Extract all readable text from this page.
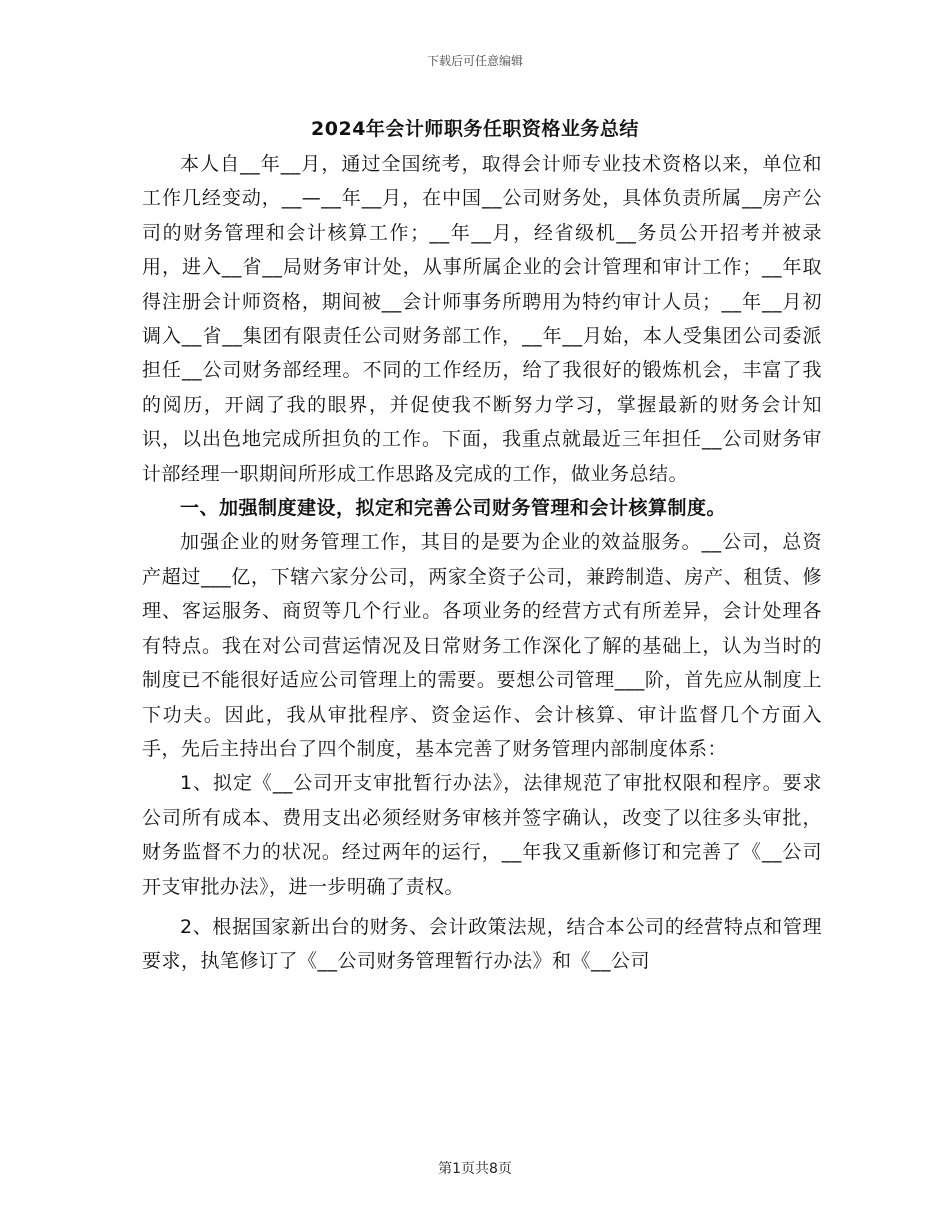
下载后可任意编辑
2024年会计师职务任职资格业务总结

本人自__年__月，通过全国统考，取得会计师专业技术资格以来，单位和工作几经变动，__—__年__月，在中国__公司财务处，具体负责所属__房产公司的财务管理和会计核算工作；__年__月，经省级机__务员公开招考并被录用，进入__省__局财务审计处，从事所属企业的会计管理和审计工作；__年取得注册会计师资格，期间被__会计师事务所聘用为特约审计人员；__年__月初调入__省__集团有限责任公司财务部工作，__年__月始，本人受集团公司委派担任__公司财务部经理。不同的工作经历，给了我很好的锻炼机会，丰富了我的阅历，开阔了我的眼界，并促使我不断努力学习，掌握最新的财务会计知识，以出色地完成所担负的工作。下面，我重点就最近三年担任__公司财务审计部经理一职期间所形成工作思路及完成的工作，做业务总结。

一、加强制度建设，拟定和完善公司财务管理和会计核算制度。

加强企业的财务管理工作，其目的是要为企业的效益服务。__公司，总资产超过___亿，下辖六家分公司，两家全资子公司，兼跨制造、房产、租赁、修理、客运服务、商贸等几个行业。各项业务的经营方式有所差异，会计处理各有特点。我在对公司营运情况及日常财务工作深化了解的基础上，认为当时的制度已不能很好适应公司管理上的需要。要想公司管理___阶，首先应从制度上下功夫。因此，我从审批程序、资金运作、会计核算、审计监督几个方面入手，先后主持出台了四个制度，基本完善了财务管理内部制度体系：

1、拟定《__公司开支审批暂行办法》，法律规范了审批权限和程序。要求公司所有成本、费用支出必须经财务审核并签字确认，改变了以往多头审批，财务监督不力的状况。经过两年的运行，__年我又重新修订和完善了《__公司开支审批办法》，进一步明确了责权。

2、根据国家新出台的财务、会计政策法规，结合本公司的经营特点和管理要求，执笔修订了《__公司财务管理暂行办法》和《__公司

第1页共8页
